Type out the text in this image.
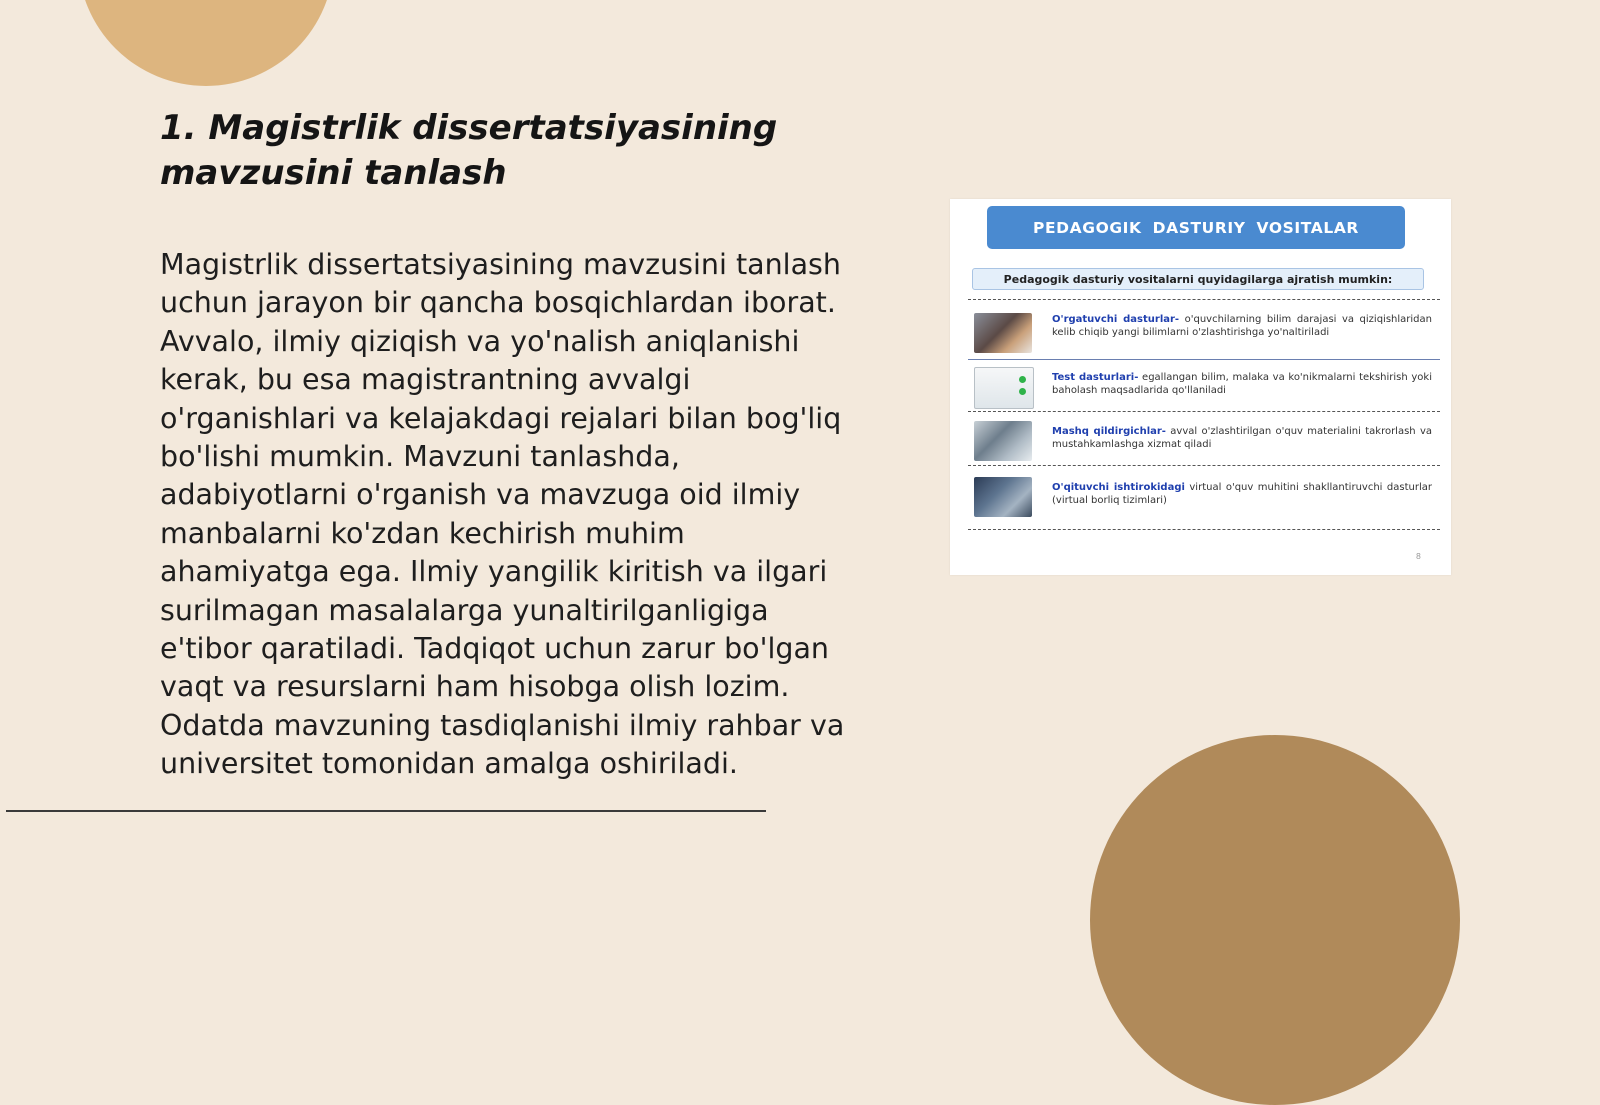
1. Magistrlik dissertatsiyasining mavzusini tanlash

Magistrlik dissertatsiyasining mavzusini tanlash uchun jarayon bir qancha bosqichlardan iborat. Avvalo, ilmiy qiziqish va yo'nalish aniqlanishi kerak, bu esa magistrantning avvalgi o'rganishlari va kelajakdagi rejalari bilan bog'liq bo'lishi mumkin. Mavzuni tanlashda, adabiyotlarni o'rganish va mavzuga oid ilmiy manbalarni ko'zdan kechirish muhim ahamiyatga ega. Ilmiy yangilik kiritish va ilgari surilmagan masalalarga yunaltirilganligiga e'tibor qaratiladi. Tadqiqot uchun zarur bo'lgan vaqt va resurslarni ham hisobga olish lozim. Odatda mavzuning tasdiqlanishi ilmiy rahbar va universitet tomonidan amalga oshiriladi.

PEDAGOGIK DASTURIY VOSITALAR
Pedagogik dasturiy vositalarni quyidagilarga ajratish mumkin:
O'rgatuvchi dasturlar- o'quvchilarning bilim darajasi va qiziqishlaridan kelib chiqib yangi bilimlarni o'zlashtirishga yo'naltiriladi
Test dasturlari- egallangan bilim, malaka va ko'nikmalarni tekshirish yoki baholash maqsadlarida qo'llaniladi
Mashq qildirgichlar- avval o'zlashtirilgan o'quv materialini takrorlash va mustahkamlashga xizmat qiladi
O'qituvchi ishtirokidagi virtual o'quv muhitini shakllantiruvchi dasturlar (virtual borliq tizimlari)
8
